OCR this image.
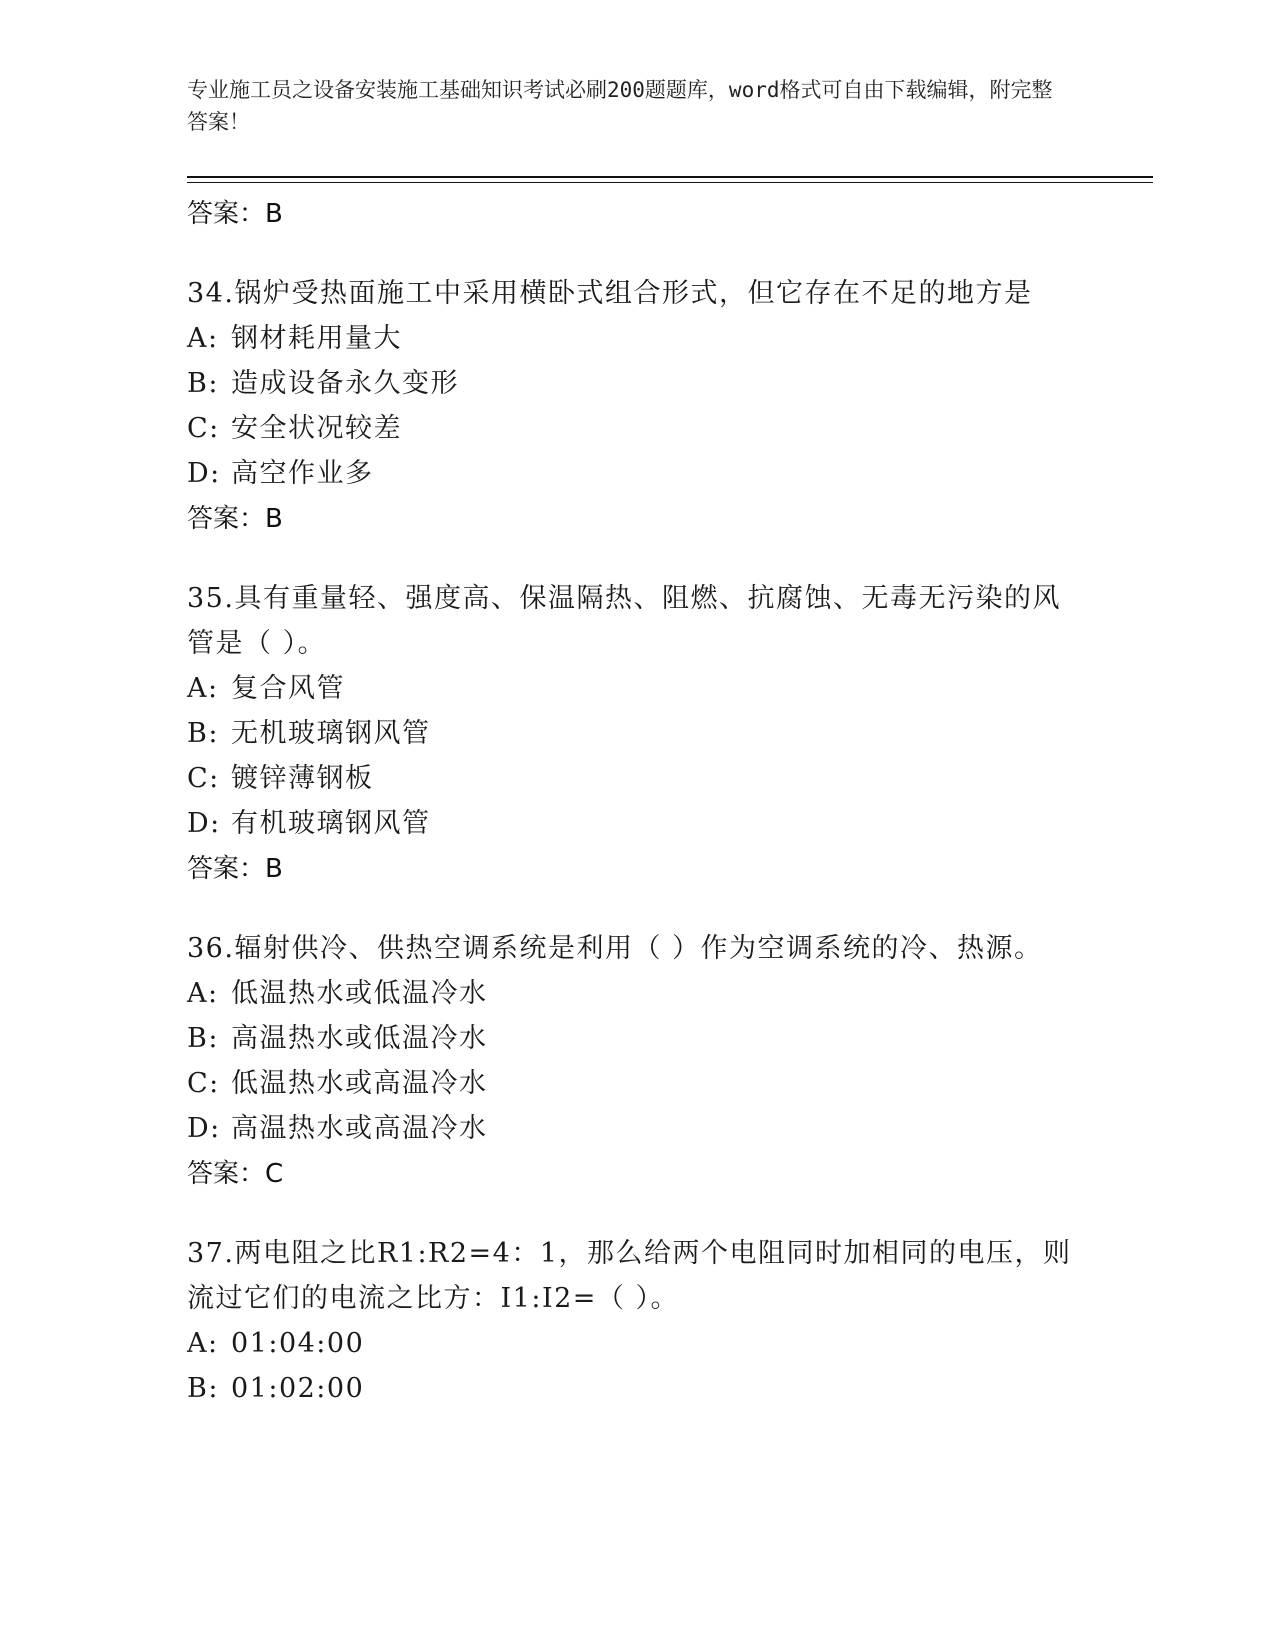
专业施工员之设备安装施工基础知识考试必刷200题题库，word格式可自由下载编辑，附完整答案！
答案：B
34.锅炉受热面施工中采用横卧式组合形式，但它存在不足的地方是
A: 钢材耗用量大
B: 造成设备永久变形
C: 安全状况较差
D: 高空作业多
答案：B
35.具有重量轻、强度高、保温隔热、阻燃、抗腐蚀、无毒无污染的风管是（ ）。
A: 复合风管
B: 无机玻璃钢风管
C: 镀锌薄钢板
D: 有机玻璃钢风管
答案：B
36.辐射供冷、供热空调系统是利用（ ）作为空调系统的冷、热源。
A: 低温热水或低温冷水
B: 高温热水或低温冷水
C: 低温热水或高温冷水
D: 高温热水或高温冷水
答案：C
37.两电阻之比R1:R2=4：1，那么给两个电阻同时加相同的电压，则流过它们的电流之比方：I1:I2=（ ）。
A: 01:04:00
B: 01:02:00
